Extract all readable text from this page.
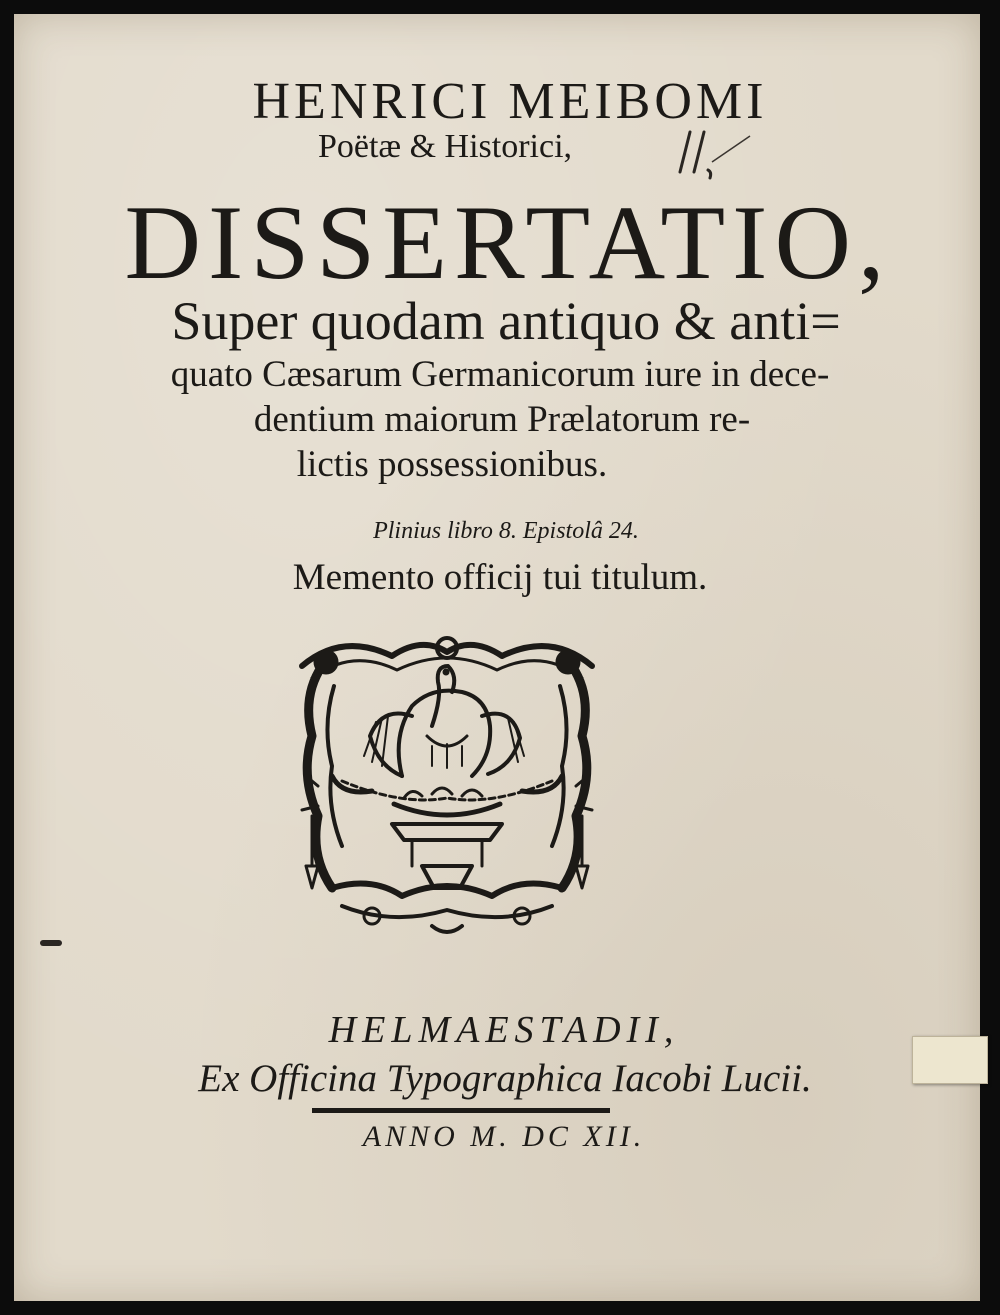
HENRICI MEIBOMI
Poëtæ & Historici,
DISSERTATIO,
Super quodam antiquo & anti=
quato Cæsarum Germanicorum iure in dece-
dentium maiorum Prælatorum re-
lictis possessionibus.
Plinius libro 8. Epistolâ 24.
Memento officij tui titulum.
HELMAESTADII,
Ex Officina Typographica Iacobi Lucii.
ANNO M. DC XII.
